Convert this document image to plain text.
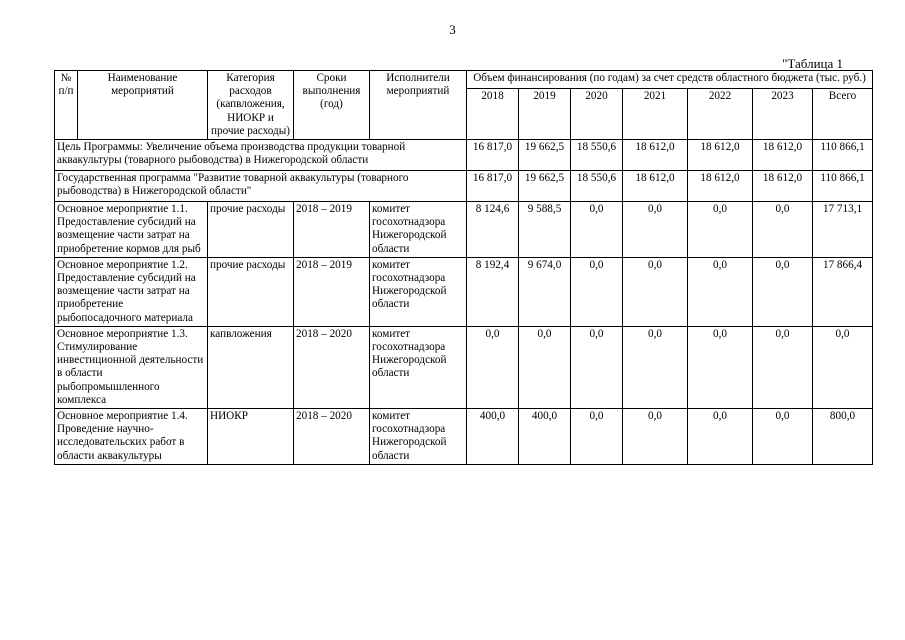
3
"Таблица 1
№ п/п	Наименование мероприятий	Категория расходов (капвложения, НИОКР и прочие расходы)	Сроки выполнения (год)	Исполнители мероприятий	Объем финансирования (по годам) за счет средств областного бюджета (тыс. руб.)						
					2018	2019	2020	2021	2022	2023	Всего
Цель Программы: Увеличение объема производства продукции товарной аквакультуры (товарного рыбоводства) в Нижегородской области					16 817,0	19 662,5	18 550,6	18 612,0	18 612,0	18 612,0	110 866,1
Государственная программа "Развитие товарной аквакультуры (товарного рыбоводства) в Нижегородской области"					16 817,0	19 662,5	18 550,6	18 612,0	18 612,0	18 612,0	110 866,1
Основное мероприятие 1.1. Предоставление субсидий на возмещение части затрат на приобретение кормов для рыб		прочие расходы	2018 – 2019	комитет госохотнадзора Нижегородской области	8 124,6	9 588,5	0,0	0,0	0,0	0,0	17 713,1
Основное мероприятие 1.2. Предоставление субсидий на возмещение части затрат на приобретение рыбопосадочного материала		прочие расходы	2018 – 2019	комитет госохотнадзора Нижегородской области	8 192,4	9 674,0	0,0	0,0	0,0	0,0	17 866,4
Основное мероприятие 1.3. Стимулирование инвестиционной деятельности в области рыбопромышленного комплекса		капвложения	2018 – 2020	комитет госохотнадзора Нижегородской области	0,0	0,0	0,0	0,0	0,0	0,0	0,0
Основное мероприятие 1.4. Проведение научно-исследовательских работ в области аквакультуры		НИОКР	2018 – 2020	комитет госохотнадзора Нижегородской области	400,0	400,0	0,0	0,0	0,0	0,0	800,0
